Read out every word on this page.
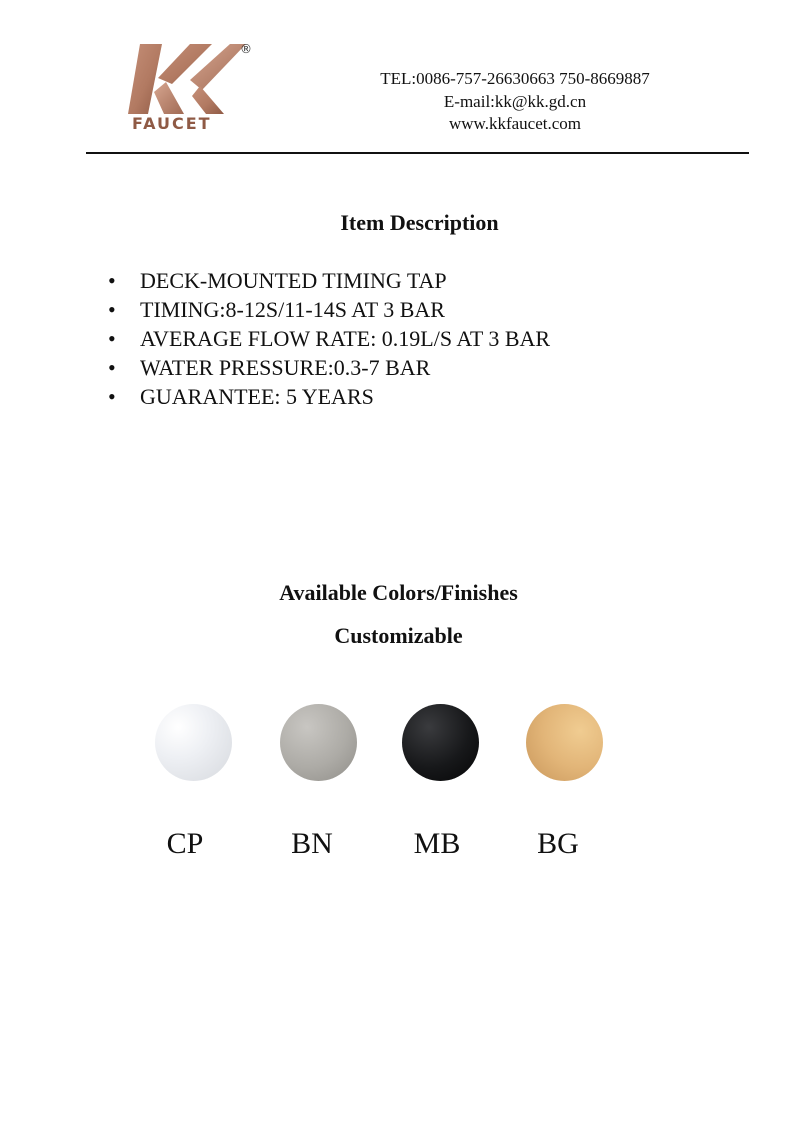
FAUCET
®
TEL:0086-757-26630663 750-8669887
E-mail:kk@kk.gd.cn
www.kkfaucet.com
Item Description
• DECK-MOUNTED TIMING TAP
• TIMING:8-12S/11-14S AT 3 BAR
• AVERAGE FLOW RATE: 0.19L/S AT 3 BAR
• WATER PRESSURE:0.3-7 BAR
• GUARANTEE: 5 YEARS
Available Colors/Finishes
Customizable
CP	BN	MB	BG
